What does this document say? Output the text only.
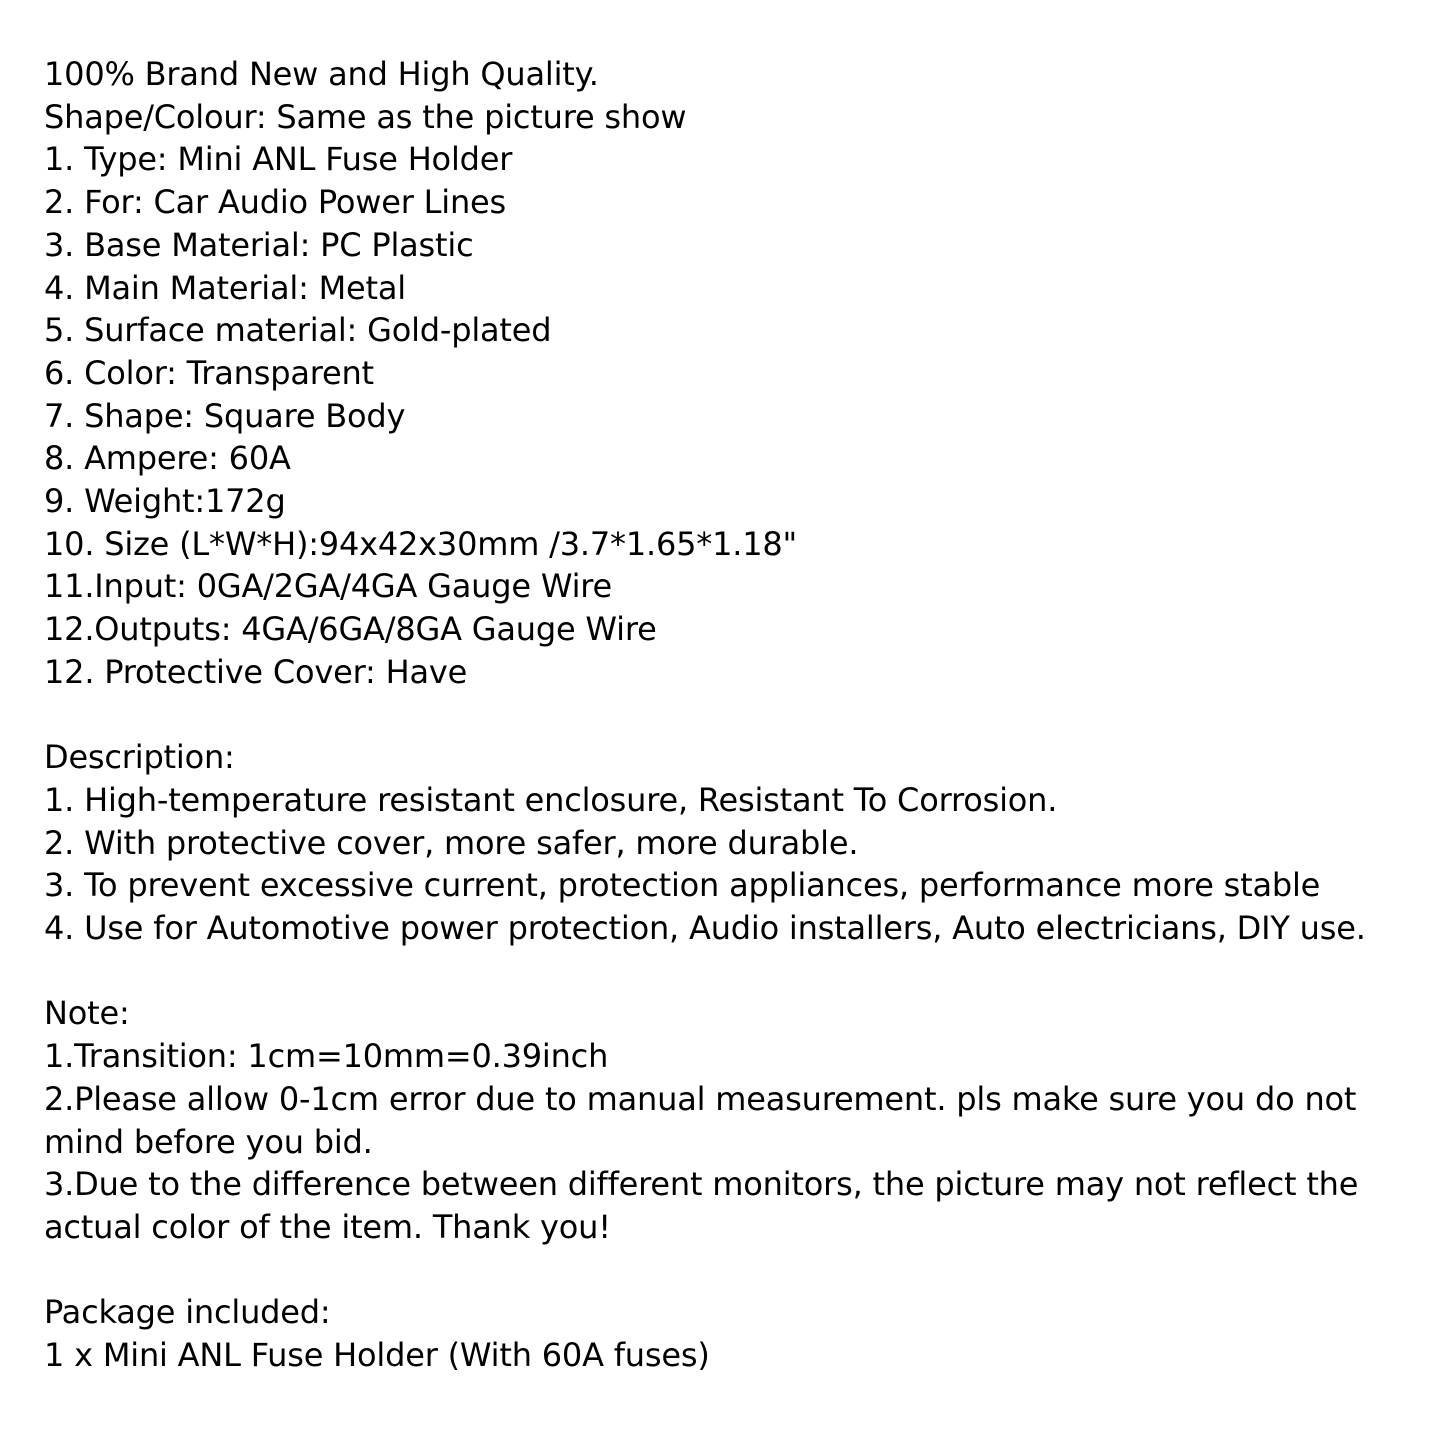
100% Brand New and High Quality.
Shape/Colour: Same as the picture show
1. Type: Mini ANL Fuse Holder
2. For: Car Audio Power Lines
3. Base Material: PC Plastic
4. Main Material: Metal
5. Surface material: Gold-plated
6. Color: Transparent
7. Shape: Square Body
8. Ampere: 60A
9. Weight:172g
10. Size (L*W*H):94x42x30mm /3.7*1.65*1.18"
11.Input: 0GA/2GA/4GA Gauge Wire
12.Outputs: 4GA/6GA/8GA Gauge Wire
12. Protective Cover: Have
Description:
1. High-temperature resistant enclosure, Resistant To Corrosion.
2. With protective cover, more safer, more durable.
3. To prevent excessive current, protection appliances, performance more stable
4. Use for Automotive power protection, Audio installers, Auto electricians, DIY use.
Note:
1.Transition: 1cm=10mm=0.39inch
2.Please allow 0-1cm error due to manual measurement. pls make sure you do not mind before you bid.
3.Due to the difference between different monitors, the picture may not reflect the actual color of the item. Thank you!
Package included:
1 x Mini ANL Fuse Holder (With 60A fuses)
